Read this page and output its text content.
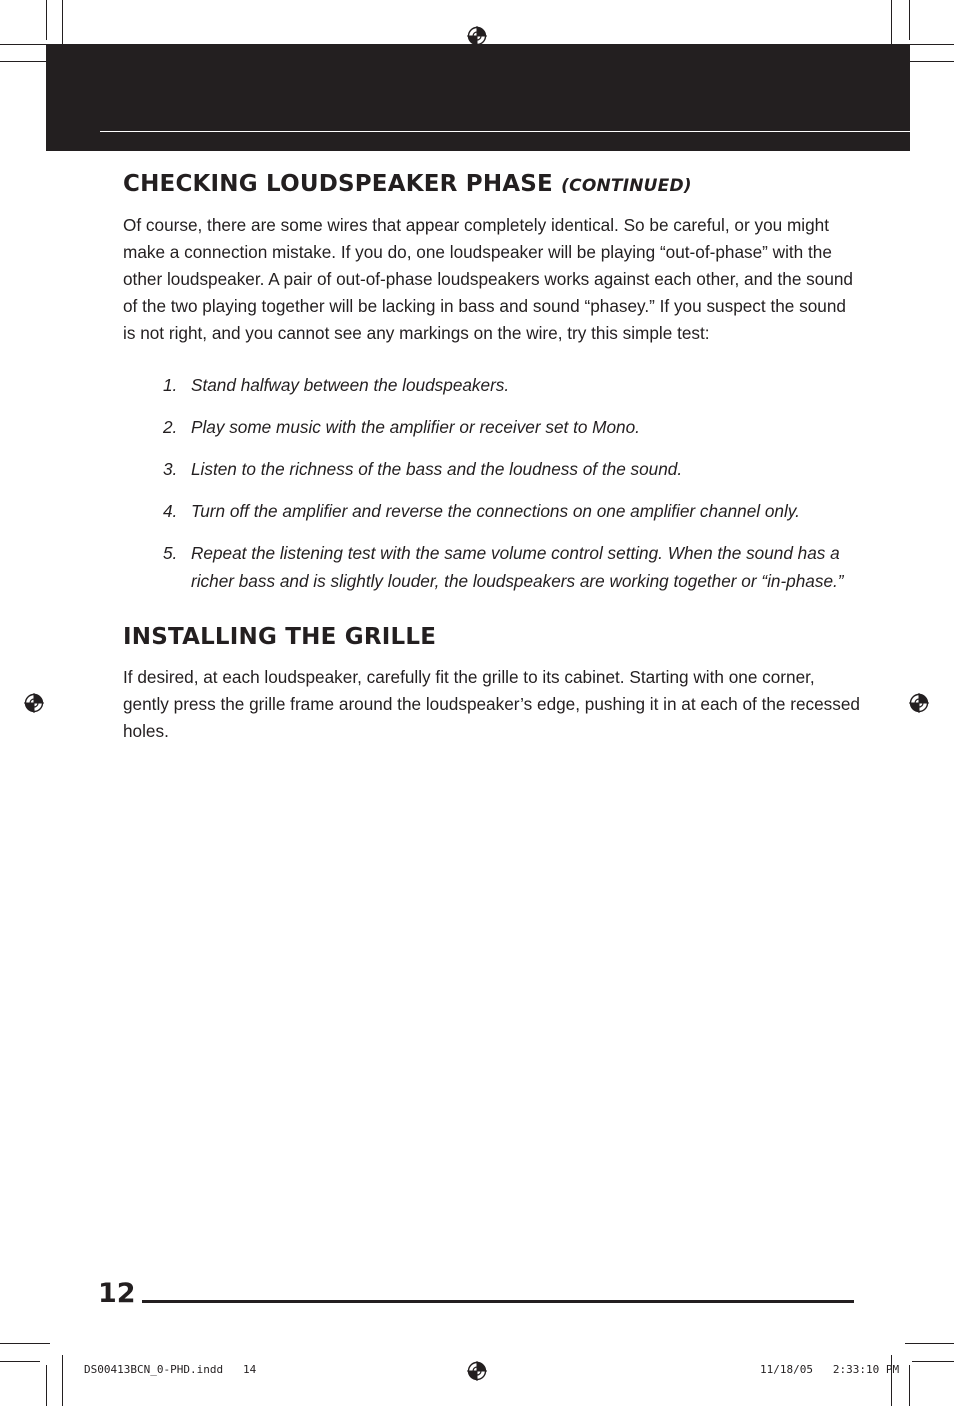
CHECKING LOUDSPEAKER PHASE (CONTINUED)

Of course, there are some wires that appear completely identical. So be careful, or you might make a connection mistake. If you do, one loudspeaker will be playing “out-of-phase” with the other loudspeaker. A pair of out-of-phase loudspeakers works against each other, and the sound of the two playing together will be lacking in bass and sound “phasey.” If you suspect the sound is not right, and you cannot see any markings on the wire, try this simple test:

1. Stand halfway between the loudspeakers.
2. Play some music with the amplifier or receiver set to Mono.
3. Listen to the richness of the bass and the loudness of the sound.
4. Turn off the amplifier and reverse the connections on one amplifier channel only.
5. Repeat the listening test with the same volume control setting. When the sound has a richer bass and is slightly louder, the loudspeakers are working together or “in-phase.”
INSTALLING THE GRILLE

If desired, at each loudspeaker, carefully fit the grille to its cabinet. Starting with one corner, gently press the grille frame around the loudspeaker’s edge, pushing it in at each of the recessed holes.

12
DS00413BCN_0-PHD.indd   14	11/18/05   2:33:10 PM
